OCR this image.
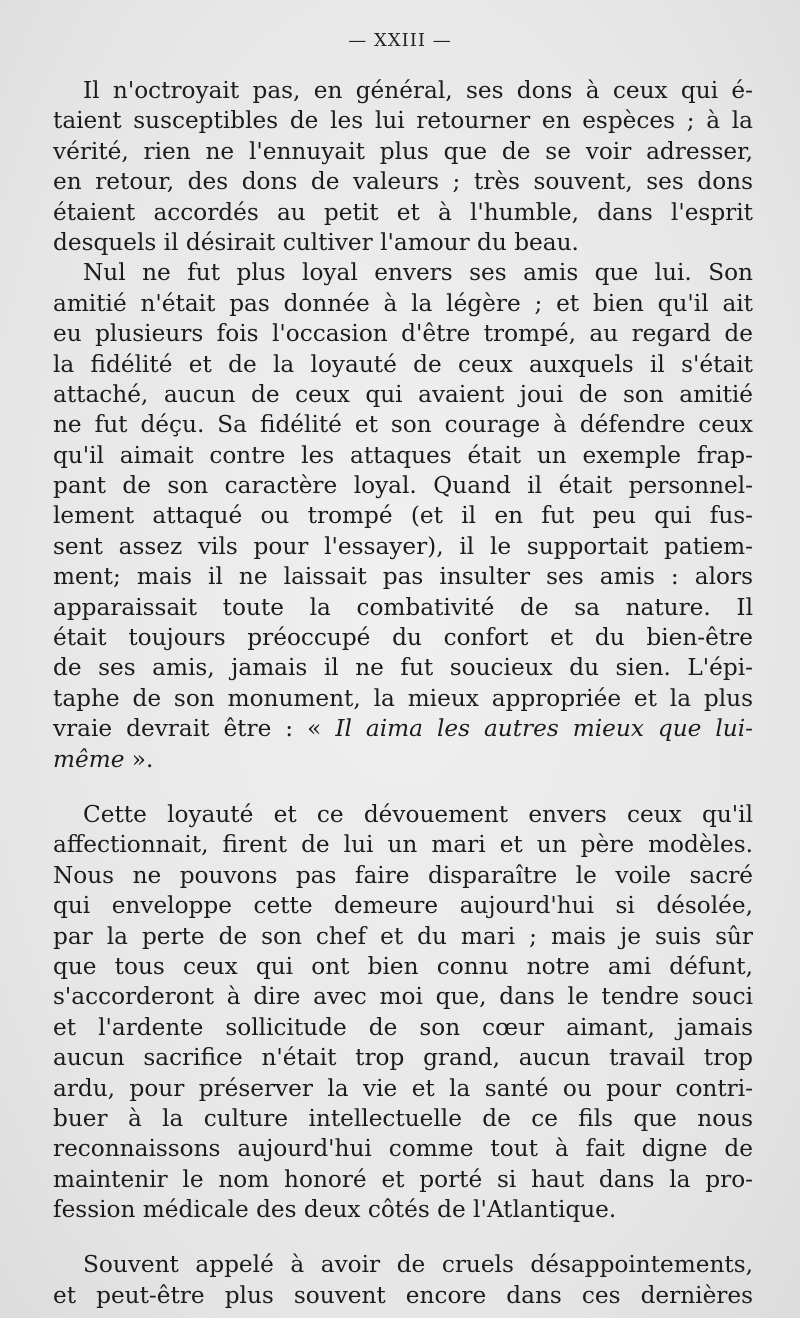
— XXIII —
Il n'octroyait pas, en général, ses dons à ceux qui é-
taient susceptibles de les lui retourner en espèces ; à la
vérité, rien ne l'ennuyait plus que de se voir adresser,
en retour, des dons de valeurs ; très souvent, ses dons
étaient accordés au petit et à l'humble, dans l'esprit
desquels il désirait cultiver l'amour du beau.
Nul ne fut plus loyal envers ses amis que lui. Son
amitié n'était pas donnée à la légère ; et bien qu'il ait
eu plusieurs fois l'occasion d'être trompé, au regard de
la fidélité et de la loyauté de ceux auxquels il s'était
attaché, aucun de ceux qui avaient joui de son amitié
ne fut déçu. Sa fidélité et son courage à défendre ceux
qu'il aimait contre les attaques était un exemple frap-
pant de son caractère loyal. Quand il était personnel-
lement attaqué ou trompé (et il en fut peu qui fus-
sent assez vils pour l'essayer), il le supportait patiem-
ment; mais il ne laissait pas insulter ses amis : alors
apparaissait toute la combativité de sa nature. Il
était toujours préoccupé du confort et du bien-être
de ses amis, jamais il ne fut soucieux du sien. L'épi-
taphe de son monument, la mieux appropriée et la plus
vraie devrait être : « Il aima les autres mieux que lui-
même ».
Cette loyauté et ce dévouement envers ceux qu'il
affectionnait, firent de lui un mari et un père modèles.
Nous ne pouvons pas faire disparaître le voile sacré
qui enveloppe cette demeure aujourd'hui si désolée,
par la perte de son chef et du mari ; mais je suis sûr
que tous ceux qui ont bien connu notre ami défunt,
s'accorderont à dire avec moi que, dans le tendre souci
et l'ardente sollicitude de son cœur aimant, jamais
aucun sacrifice n'était trop grand, aucun travail trop
ardu, pour préserver la vie et la santé ou pour contri-
buer à la culture intellectuelle de ce fils que nous
reconnaissons aujourd'hui comme tout à fait digne de
maintenir le nom honoré et porté si haut dans la pro-
fession médicale des deux côtés de l'Atlantique.
Souvent appelé à avoir de cruels désappointements,
et peut-être plus souvent encore dans ces dernières
